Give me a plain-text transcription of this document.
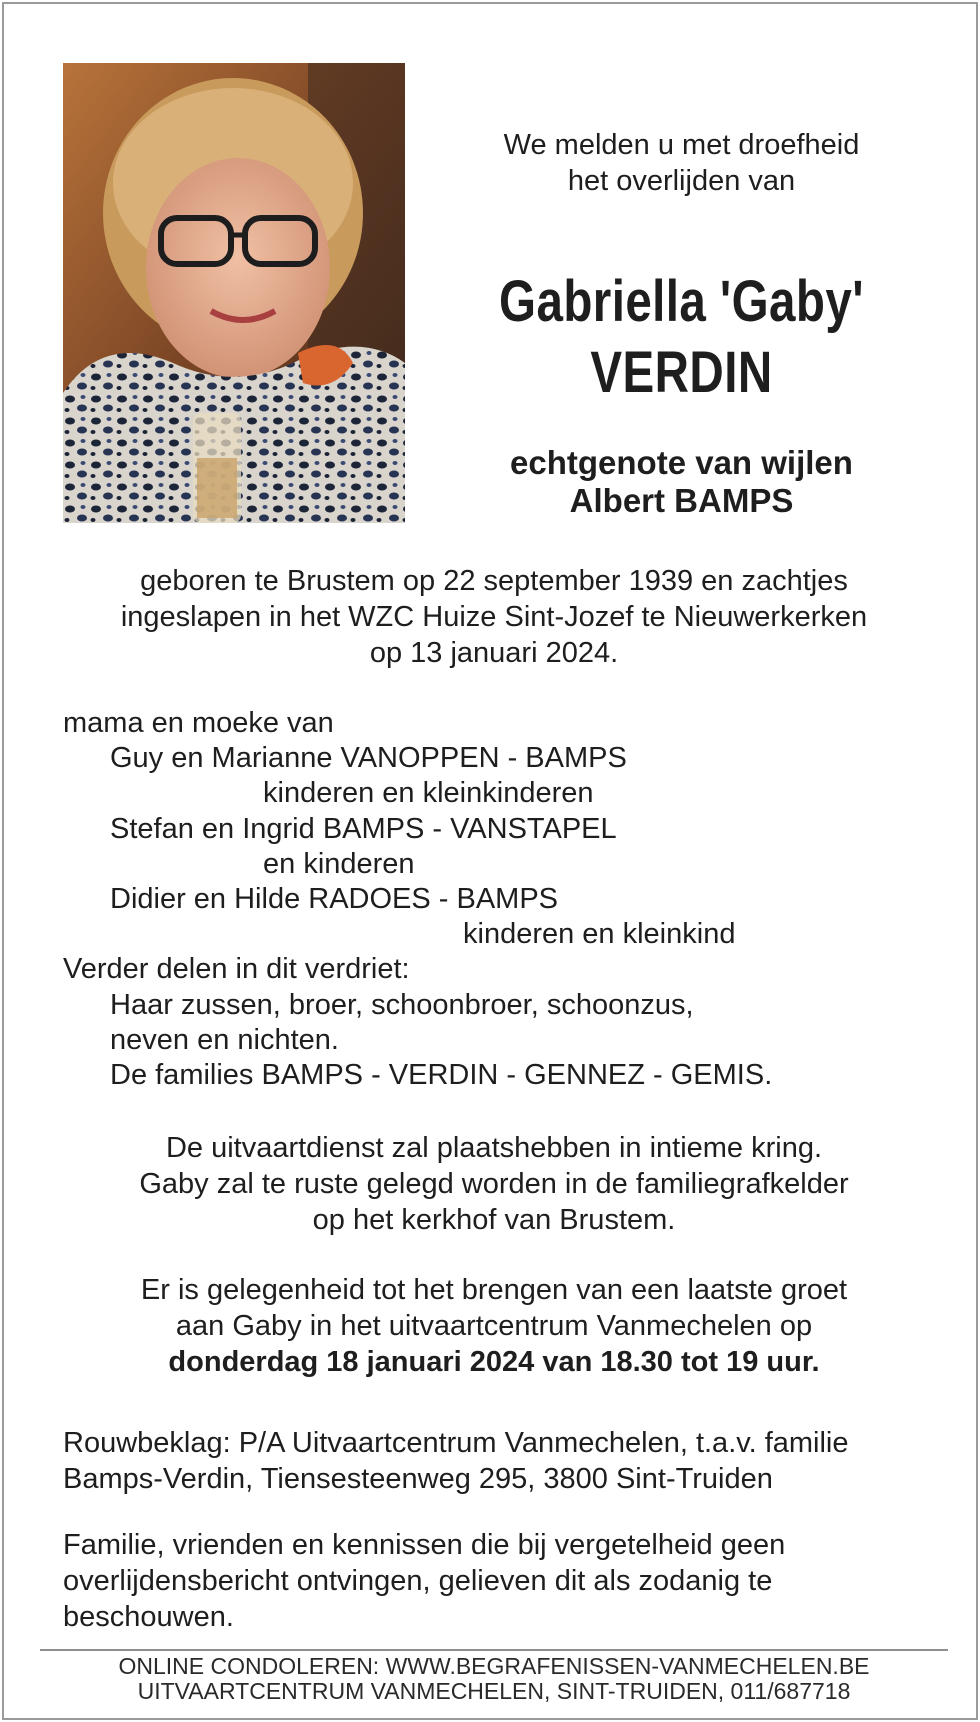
We melden u met droefheid
het overlijden van
Gabriella 'Gaby'
VERDIN
echtgenote van wijlen
Albert BAMPS
geboren te Brustem op 22 september 1939 en zachtjes
ingeslapen in het WZC Huize Sint-Jozef te Nieuwerkerken
op 13 januari 2024.
mama en moeke van
Guy en Marianne VANOPPEN - BAMPS
kinderen en kleinkinderen
Stefan en Ingrid BAMPS - VANSTAPEL
en kinderen
Didier en Hilde RADOES - BAMPS
kinderen en kleinkind
Verder delen in dit verdriet:
Haar zussen, broer, schoonbroer, schoonzus,
neven en nichten.
De families BAMPS - VERDIN - GENNEZ - GEMIS.
De uitvaartdienst zal plaatshebben in intieme kring.
Gaby zal te ruste gelegd worden in de familiegrafkelder
op het kerkhof van Brustem.
Er is gelegenheid tot het brengen van een laatste groet
aan Gaby in het uitvaartcentrum Vanmechelen op
donderdag 18 januari 2024 van 18.30 tot 19 uur.
Rouwbeklag: P/A Uitvaartcentrum Vanmechelen, t.a.v. familie
Bamps-Verdin, Tiensesteenweg 295, 3800 Sint-Truiden
Familie, vrienden en kennissen die bij vergetelheid geen
overlijdensbericht ontvingen, gelieven dit als zodanig te
beschouwen.
ONLINE CONDOLEREN: WWW.BEGRAFENISSEN-VANMECHELEN.BE
UITVAARTCENTRUM VANMECHELEN, SINT-TRUIDEN, 011/687718
